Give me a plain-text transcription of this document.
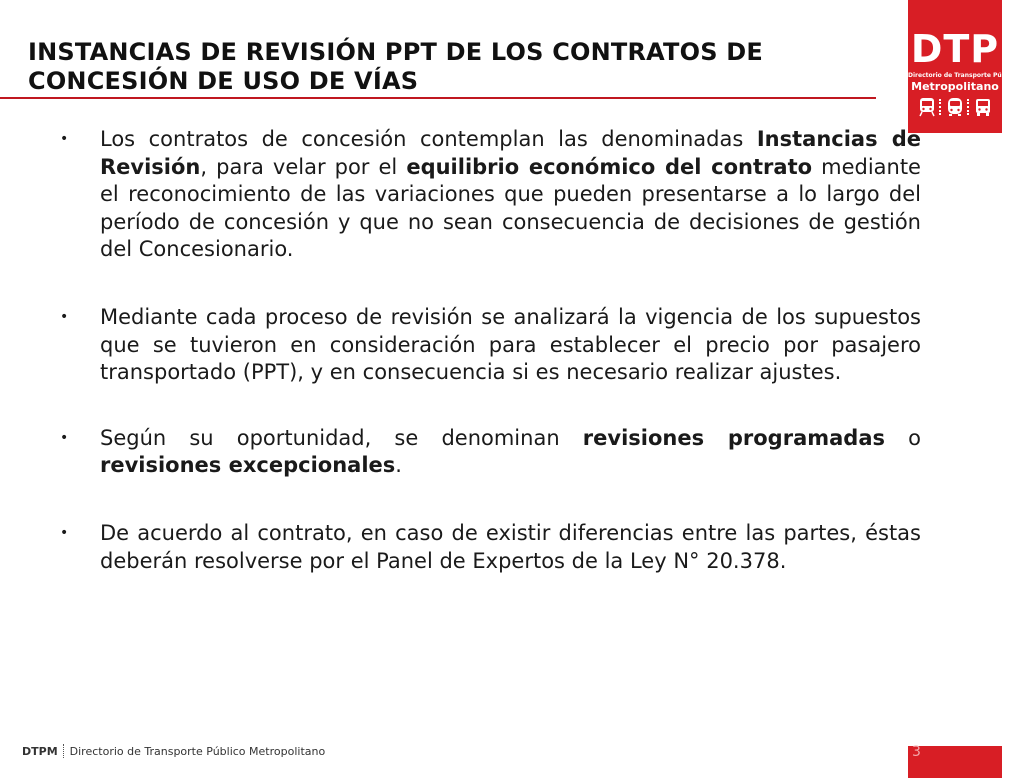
INSTANCIAS DE REVISIÓN PPT DE LOS CONTRATOS DE
CONCESIÓN DE USO DE VÍAS
DTP
Directorio de Transporte Público
Metropolitano
• Los contratos de concesión contemplan las denominadas Instancias de Revisión, para velar por el equilibrio económico del contrato mediante el reconocimiento de las variaciones que pueden presentarse a lo largo del período de concesión y que no sean consecuencia de decisiones de gestión del Concesionario.
• Mediante cada proceso de revisión se analizará la vigencia de los supuestos que se tuvieron en consideración para establecer el precio por pasajero transportado (PPT), y en consecuencia si es necesario realizar ajustes.
• Según su oportunidad, se denominan revisiones programadas o revisiones excepcionales.
• De acuerdo al contrato, en caso de existir diferencias entre las partes, éstas deberán resolverse por el Panel de Expertos de la Ley N° 20.378.
DTPM Directorio de Transporte Público Metropolitano	3
